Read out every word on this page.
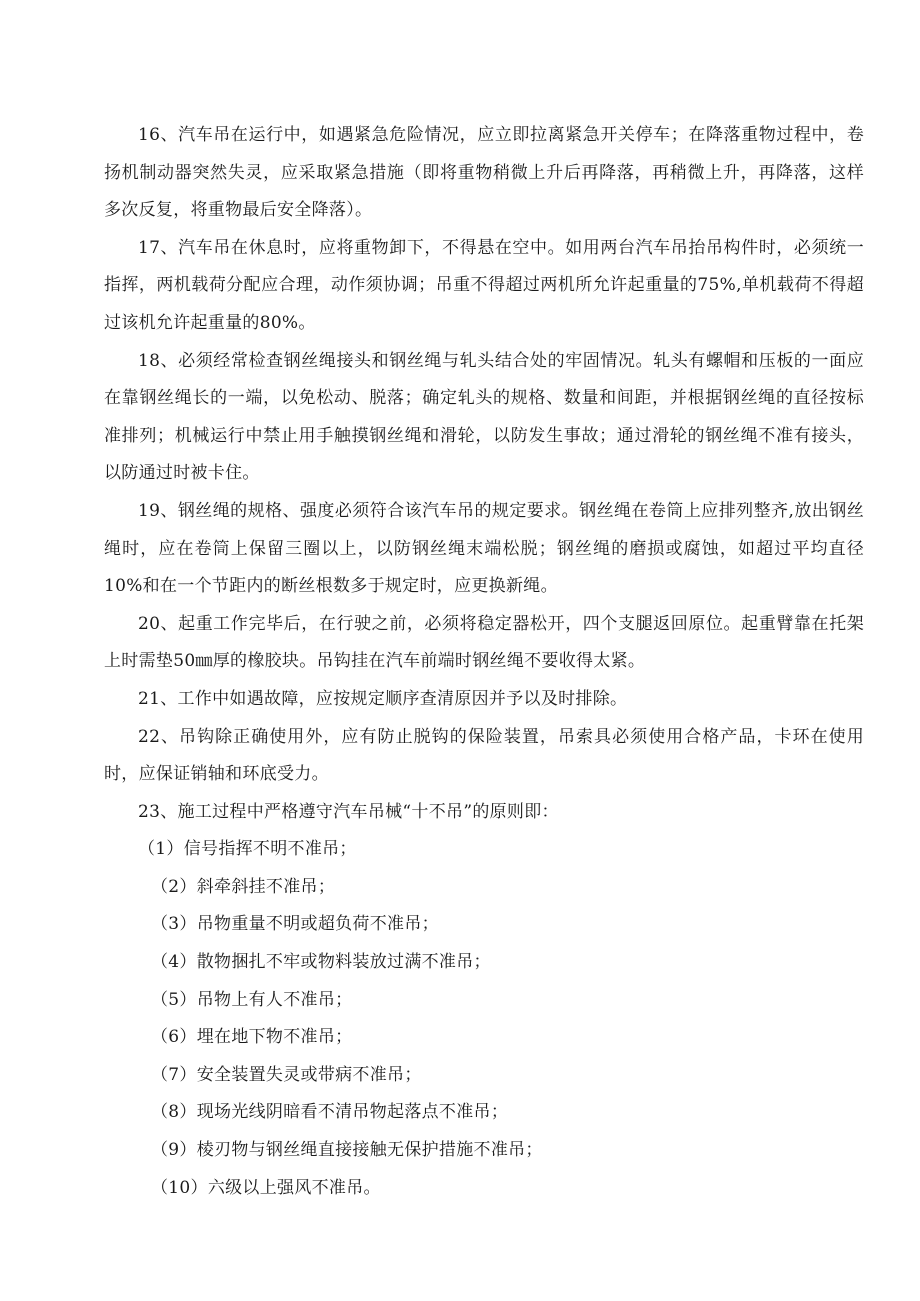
16、汽车吊在运行中，如遇紧急危险情况，应立即拉离紧急开关停车；在降落重物过程中，卷扬机制动器突然失灵，应采取紧急措施（即将重物稍微上升后再降落，再稍微上升，再降落，这样多次反复，将重物最后安全降落）。

17、汽车吊在休息时，应将重物卸下，不得悬在空中。如用两台汽车吊抬吊构件时，必须统一指挥，两机载荷分配应合理，动作须协调；吊重不得超过两机所允许起重量的75%,单机载荷不得超过该机允许起重量的80%。

18、必须经常检查钢丝绳接头和钢丝绳与轧头结合处的牢固情况。轧头有螺帽和压板的一面应在靠钢丝绳长的一端，以免松动、脱落；确定轧头的规格、数量和间距，并根据钢丝绳的直径按标准排列；机械运行中禁止用手触摸钢丝绳和滑轮，以防发生事故；通过滑轮的钢丝绳不准有接头，以防通过时被卡住。

19、钢丝绳的规格、强度必须符合该汽车吊的规定要求。钢丝绳在卷筒上应排列整齐,放出钢丝绳时，应在卷筒上保留三圈以上，以防钢丝绳末端松脱；钢丝绳的磨损或腐蚀，如超过平均直径10%和在一个节距内的断丝根数多于规定时，应更换新绳。

20、起重工作完毕后，在行驶之前，必须将稳定器松开，四个支腿返回原位。起重臂靠在托架上时需垫50㎜厚的橡胶块。吊钩挂在汽车前端时钢丝绳不要收得太紧。

21、工作中如遇故障，应按规定顺序查清原因并予以及时排除。

22、吊钩除正确使用外，应有防止脱钩的保险装置，吊索具必须使用合格产品，卡环在使用时，应保证销轴和环底受力。

23、施工过程中严格遵守汽车吊械“十不吊”的原则即：

（1）信号指挥不明不准吊；

（2）斜牵斜挂不准吊；

（3）吊物重量不明或超负荷不准吊；

（4）散物捆扎不牢或物料装放过满不准吊；

（5）吊物上有人不准吊；

（6）埋在地下物不准吊；

（7）安全装置失灵或带病不准吊；

（8）现场光线阴暗看不清吊物起落点不准吊；

（9）棱刃物与钢丝绳直接接触无保护措施不准吊；

（10）六级以上强风不准吊。
